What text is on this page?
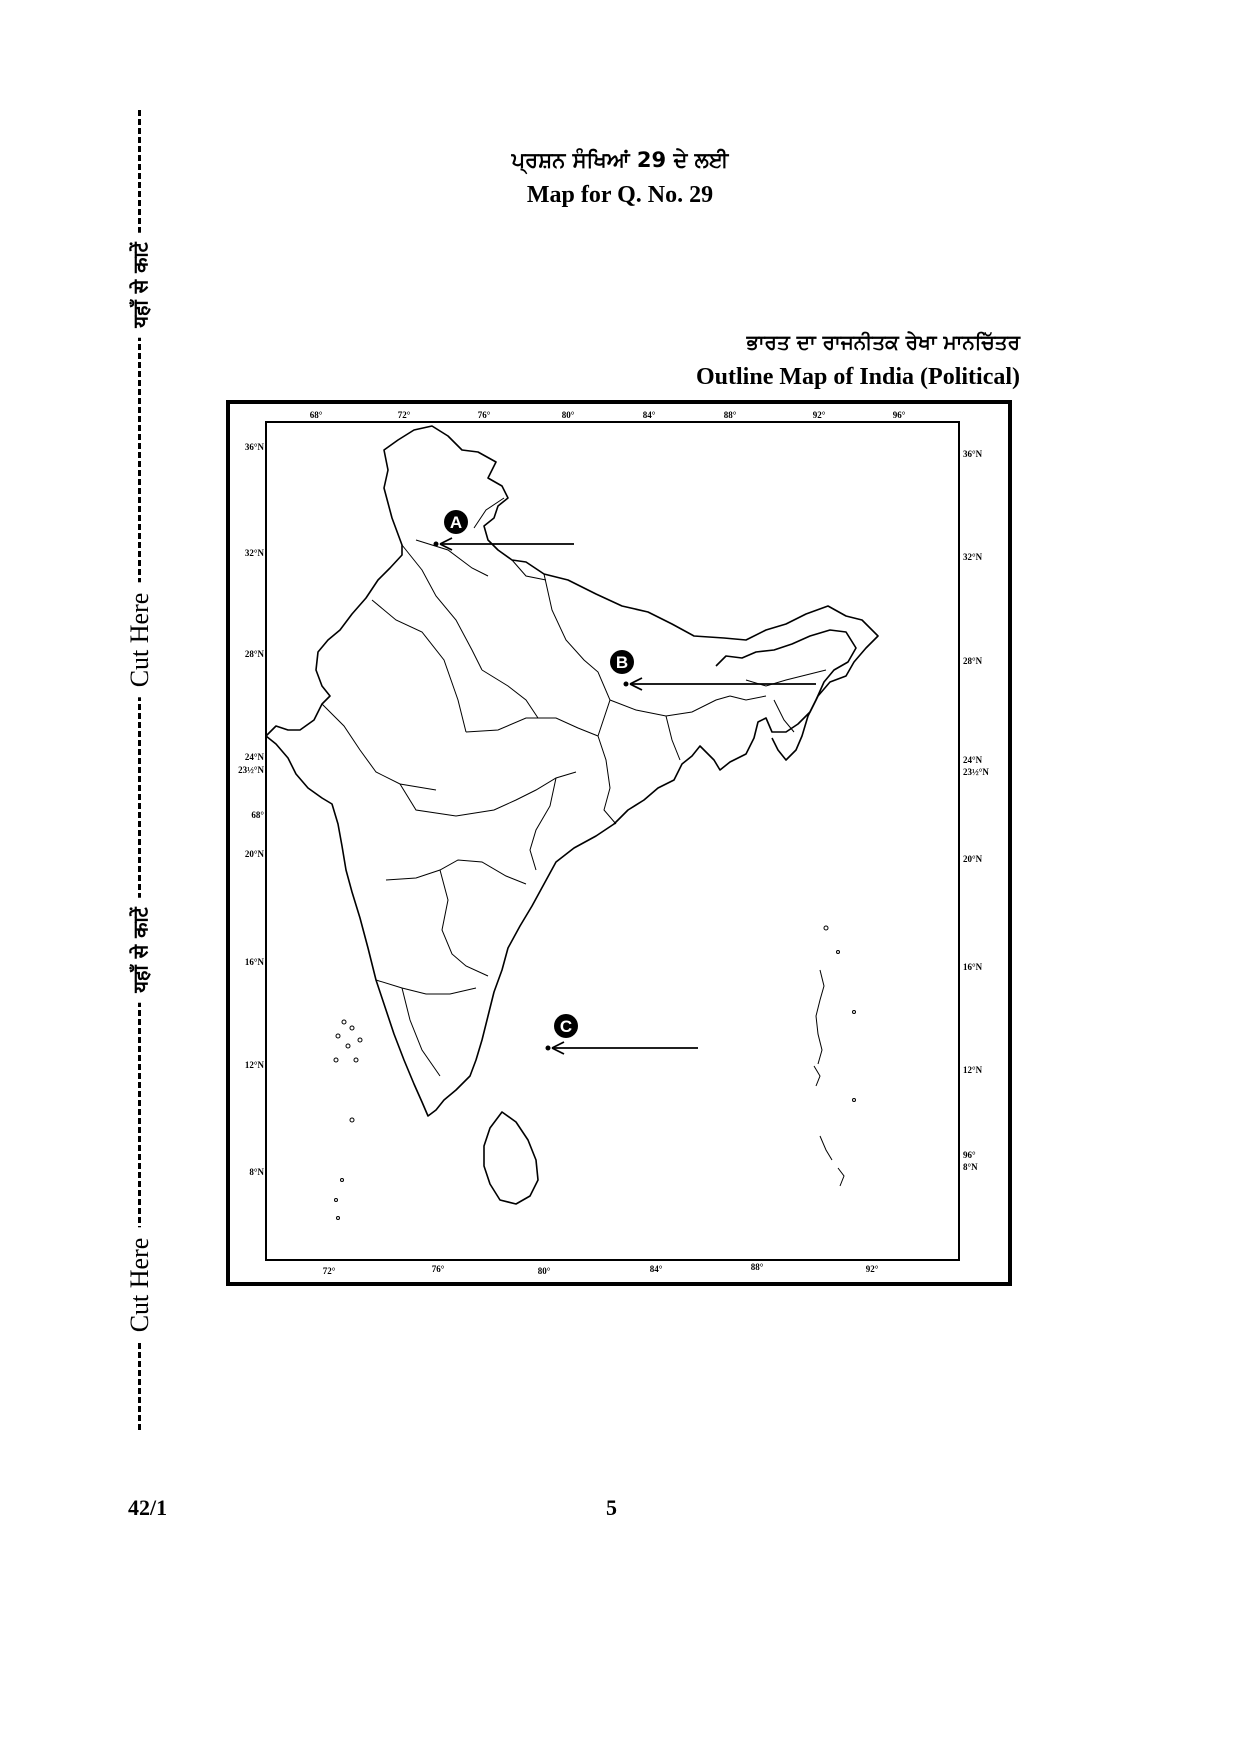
यहाँ से काटें
Cut Here
यहाँ से काटें
Cut Here
ਪ੍ਰਸ਼ਨ ਸੰਖਿਆਂ 29 ਦੇ ਲਈ
Map for Q. No. 29
ਭਾਰਤ ਦਾ ਰਾਜਨੀਤਕ ਰੇਖਾ ਮਾਨਚਿੱਤਰ
Outline Map of India (Political)
68°	72°	76°	80°	84°	88°	92°	96°
72°	76°	80°	84°	88°	92°
36°N
32°N
28°N
24°N
23½°N
68°
20°N
16°N
12°N
8°N
36°N
32°N
28°N
24°N
23½°N
20°N
16°N
12°N
96°
8°N
A
B
C
42/1	5
